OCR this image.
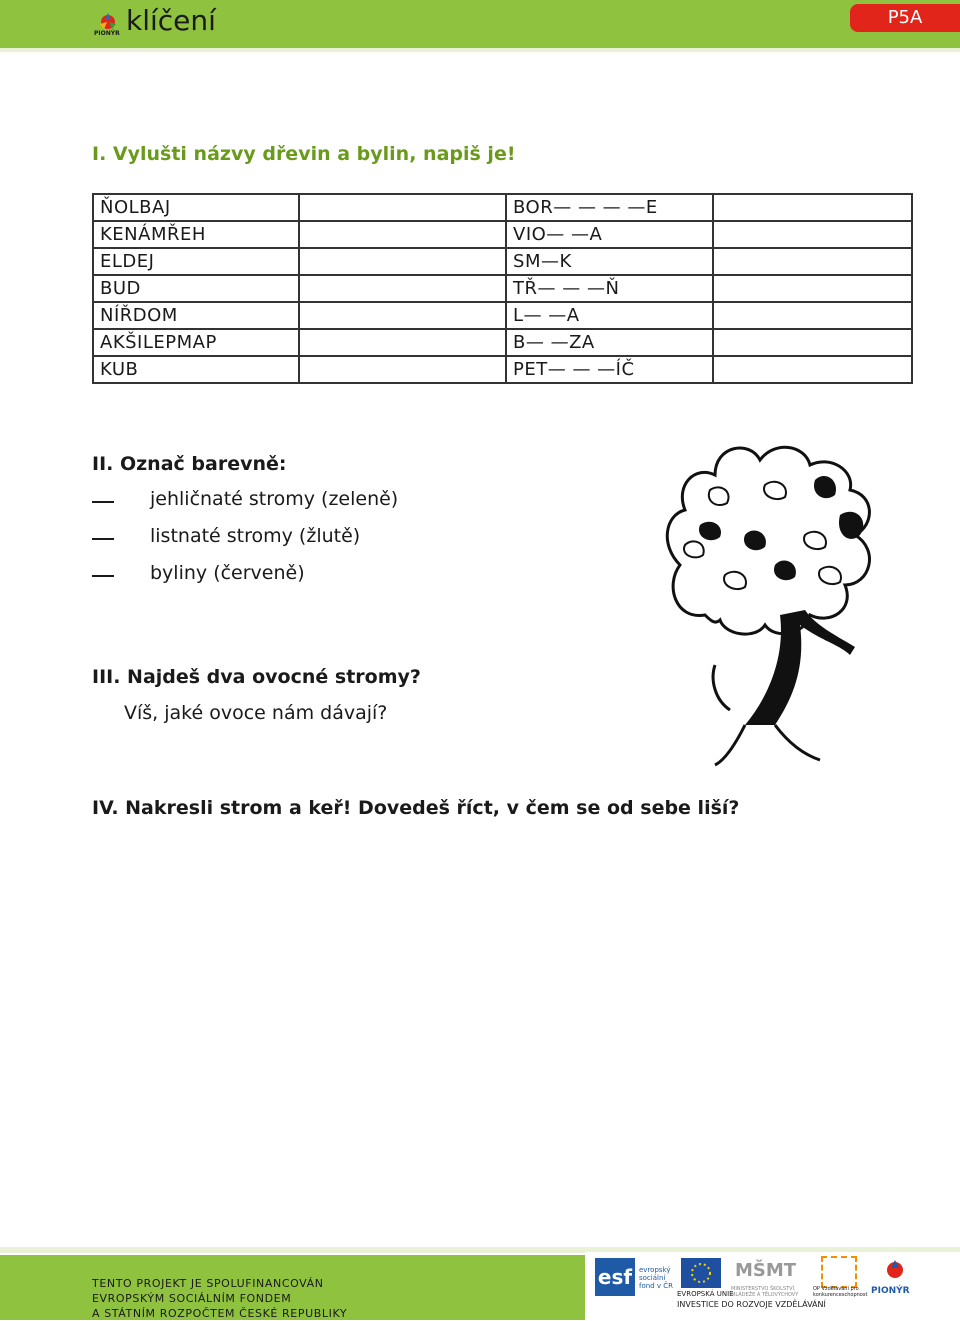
PIONÝR klíčení	P5A
I. Vylušti názvy dřevin a bylin, napiš je!
ŇOLBAJ		BOR— — — —E	
KENÁMŘEH		VIO— —A	
ELDEJ		SM—K	
BUD		TŘ— — —Ň	
NÍŘDOM		L— —A	
AKŠILEPMAP		B— —ZA	
KUB		PET— — —ÍČ	
II. Označ barevně:
jehličnaté stromy (zeleně)
listnaté stromy (žlutě)
byliny (červeně)
III. Najdeš dva ovocné stromy?
Víš, jaké ovoce nám dávají?
IV. Nakresli strom a keř! Dovedeš říct, v čem se od sebe liší?
TENTO PROJEKT JE SPOLUFINANCOVÁN
EVROPSKÝM SOCIÁLNÍM FONDEM
A STÁTNÍM ROZPOČTEM ČESKÉ REPUBLIKY
esf evropský sociální fond v ČR
EVROPSKÁ UNIE
MŠMT
MINISTERSTVO ŠKOLSTVÍ, MLÁDEŽE A TĚLOVÝCHOVY
OP Vzdělávání pro konkurenceschopnost PIONÝR
INVESTICE DO ROZVOJE VZDĚLÁVÁNÍ
